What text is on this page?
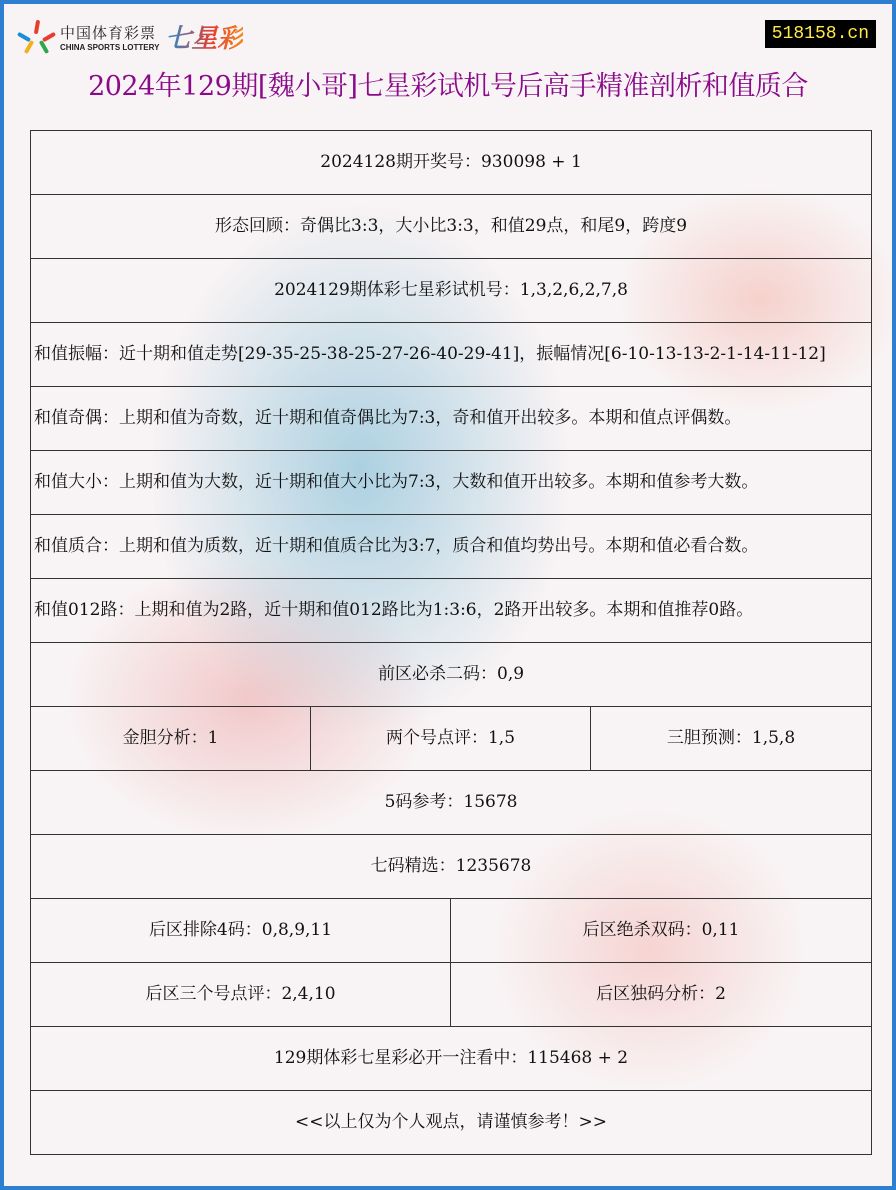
中国体育彩票
CHINA SPORTS LOTTERY 七星彩	518158.cn
2024年129期[魏小哥]七星彩试机号后高手精准剖析和值质合
2024128期开奖号：930098 + 1			
形态回顾：奇偶比3:3，大小比3:3，和值29点，和尾9，跨度9			
2024129期体彩七星彩试机号：1,3,2,6,2,7,8			
和值振幅：近十期和值走势[29-35-25-38-25-27-26-40-29-41]，振幅情况[6-10-13-13-2-1-14-11-12]			
和值奇偶：上期和值为奇数，近十期和值奇偶比为7:3，奇和值开出较多。本期和值点评偶数。			
和值大小：上期和值为大数，近十期和值大小比为7:3，大数和值开出较多。本期和值参考大数。			
和值质合：上期和值为质数，近十期和值质合比为3:7，质合和值均势出号。本期和值必看合数。			
和值012路：上期和值为2路，近十期和值012路比为1:3:6，2路开出较多。本期和值推荐0路。			
前区必杀二码：0,9			
金胆分析：1	两个号点评：1,5		三胆预测：1,5,8
5码参考：15678			
七码精选：1235678			
后区排除4码：0,8,9,11		后区绝杀双码：0,11	
后区三个号点评：2,4,10		后区独码分析：2	
129期体彩七星彩必开一注看中：115468 + 2			
<<以上仅为个人观点，请谨慎参考！>>			
